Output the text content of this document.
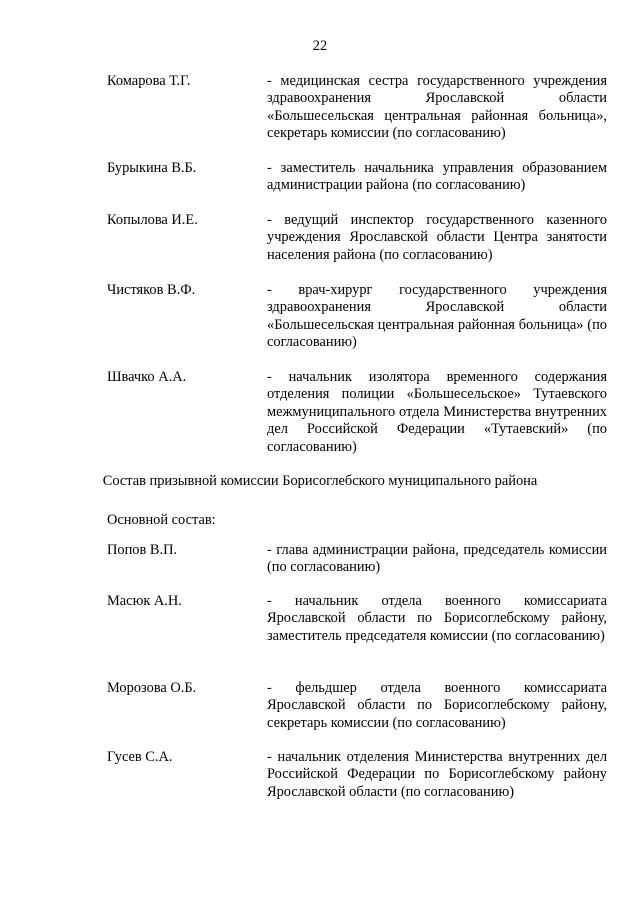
22
Комарова Т.Г.	- медицинская сестра государственного учреждения здравоохранения Ярославской области «Большесельская центральная районная больница», секретарь комиссии (по согласованию)
Бурыкина В.Б.	- заместитель начальника управления образованием администрации района (по согласованию)
Копылова И.Е.	- ведущий инспектор государственного казенного учреждения Ярославской области Центра занятости населения района (по согласованию)
Чистяков В.Ф.	- врач-хирург государственного учреждения здравоохранения Ярославской области «Большесельская центральная районная больница» (по согласованию)
Швачко А.А.	- начальник изолятора временного содержания отделения полиции «Большесельское» Тутаевского межмуниципального отдела Министерства внутренних дел Российской Федерации «Тутаевский» (по согласованию)
Состав призывной комиссии Борисоглебского муниципального района
Основной состав:
Попов В.П.	- глава администрации района, председатель комиссии (по согласованию)
Масюк А.Н.	- начальник отдела военного комиссариата Ярославской области по Борисоглебскому району, заместитель председателя комиссии (по согласованию)
Морозова О.Б.	- фельдшер отдела военного комиссариата Ярославской области по Борисоглебскому району, секретарь комиссии (по согласованию)
Гусев С.А.	- начальник отделения Министерства внутренних дел Российской Федерации по Борисоглебскому району Ярославской области (по согласованию)
